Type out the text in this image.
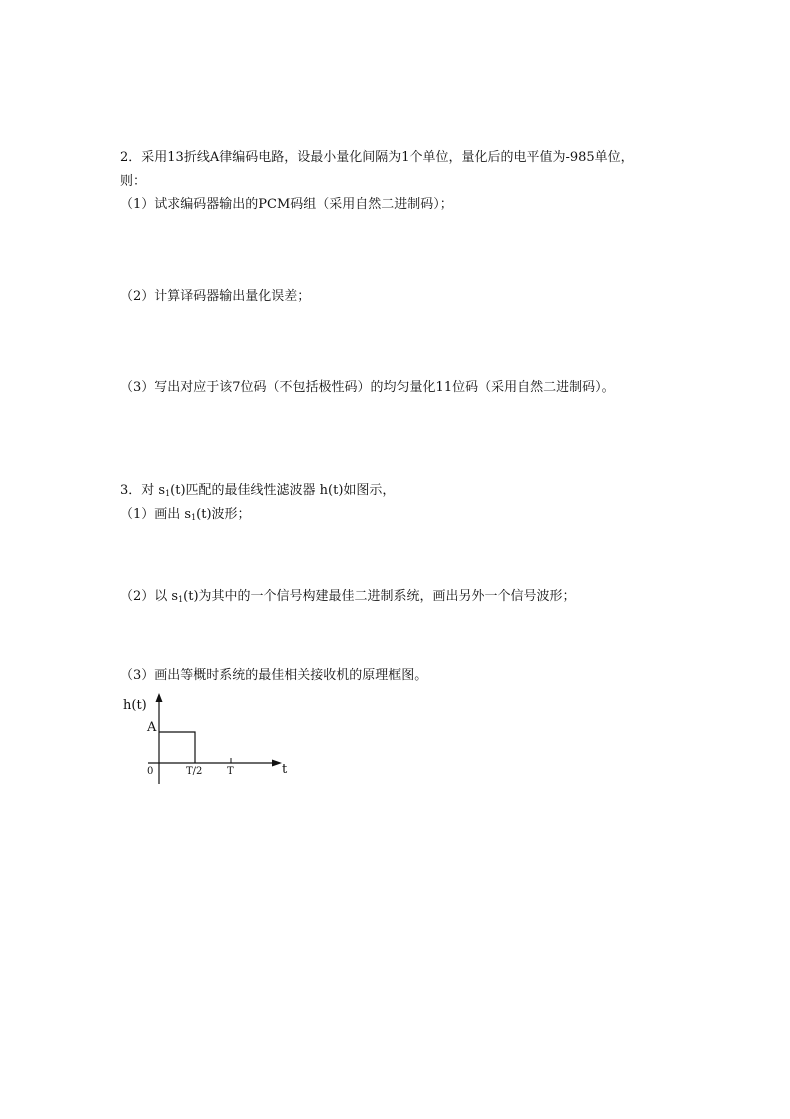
2．采用13折线A律编码电路，设最小量化间隔为1个单位，量化后的电平值为-985单位，
则：
（1）试求编码器输出的PCM码组（采用自然二进制码）；
（2）计算译码器输出量化误差；
（3）写出对应于该7位码（不包括极性码）的均匀量化11位码（采用自然二进制码）。
3．对 $s_1(t)$匹配的最佳线性滤波器 h(t)如图示，
（1）画出 $s_1(t)$波形；
（2）以 $s_1(t)$为其中的一个信号构建最佳二进制系统，画出另外一个信号波形；
（3）画出等概时系统的最佳相关接收机的原理框图。
h(t)
A
0	T/2 T	t
